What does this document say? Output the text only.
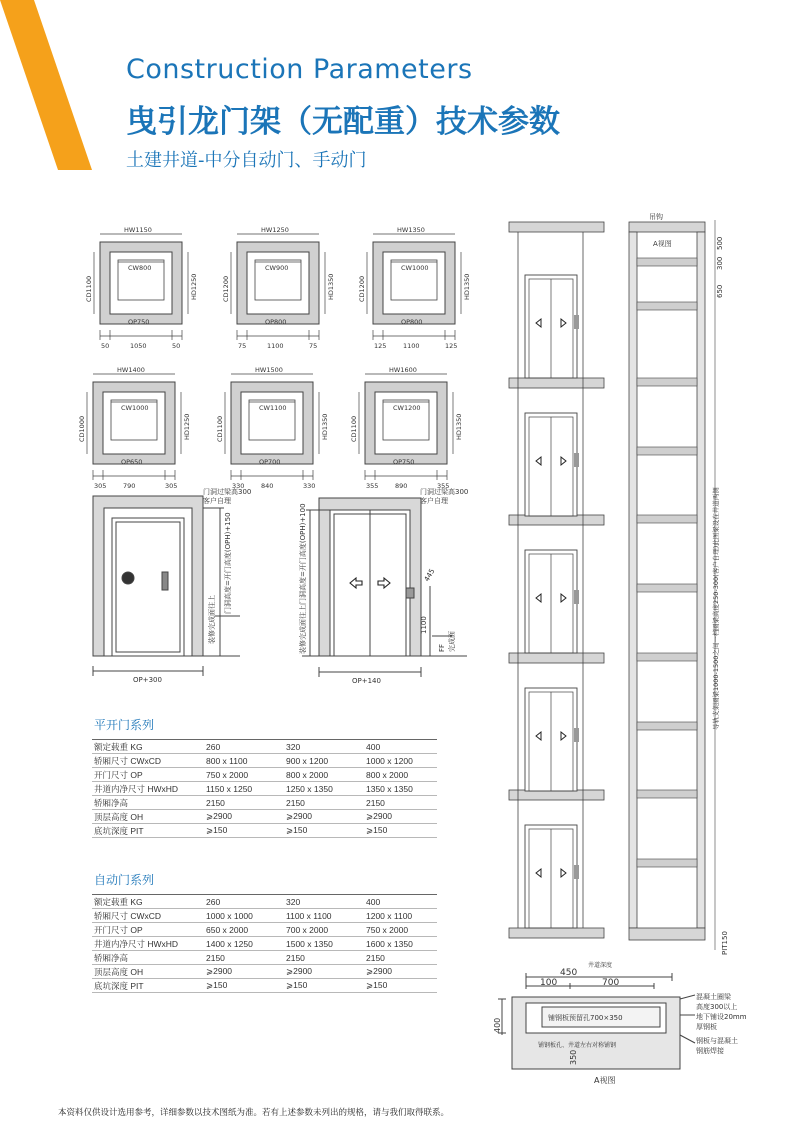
Construction Parameters
曳引龙门架（无配重）技术参数
土建井道-中分自动门、手动门
HW1150
CW800
CD1100	HD1250
OP750
50	1050	50
HW1250
CW900
CD1200	HD1350
OP800
75	1100	75
HW1350
CW1000
CD1200	HD1350
OP800
125	1100	125
HW1400
CW1000
CD1000	HD1250
OP650
305	790	305
HW1500
CW1100
CD1100	HD1350
OP700
330	840	330
HW1600
CW1200
CD1100	HD1350
OP750
355	890	355
门洞过梁高300
客户自理
门洞高度=开门高度(OPH)+150
装修完成面往上
OP+300
门洞过梁高300
客户自理
装修完成面往上门洞高度=开门高度(OPH)+100	445
1100
FF 完成面
OP+140
吊钩
A视图
300
500
650
圈梁高度250-300(客户自理)此图梁设在井道两侧
导轨支架圈梁1000-1500之间一档
PIT150
井道深度
450
100	700
铺钢板预留孔700×350
铺钢板孔、井道左右对称铺钢
400
350
A视图
混凝土圈梁
高度300以上
地下铺设20mm
厚钢板
钢板与混凝土
钢筋焊接
平开门系列
额定载重 KG	260	320	400
轿厢尺寸 CWxCD	800 x 1100	900 x 1200	1000 x 1200
开门尺寸 OP	750 x 2000	800 x 2000	800 x 2000
井道内净尺寸 HWxHD	1150 x 1250	1250 x 1350	1350 x 1350
轿厢净高	2150	2150	2150
顶层高度 OH	⩾2900	⩾2900	⩾2900
底坑深度 PIT	⩾150	⩾150	⩾150
自动门系列
额定载重 KG	260	320	400
轿厢尺寸 CWxCD	1000 x 1000	1100 x 1100	1200 x 1100
开门尺寸 OP	650 x 2000	700 x 2000	750 x 2000
井道内净尺寸 HWxHD	1400 x 1250	1500 x 1350	1600 x 1350
轿厢净高	2150	2150	2150
顶层高度 OH	⩾2900	⩾2900	⩾2900
底坑深度 PIT	⩾150	⩾150	⩾150
本资料仅供设计选用参考，详细参数以技术图纸为准。若有上述参数未列出的规格，请与我们取得联系。
